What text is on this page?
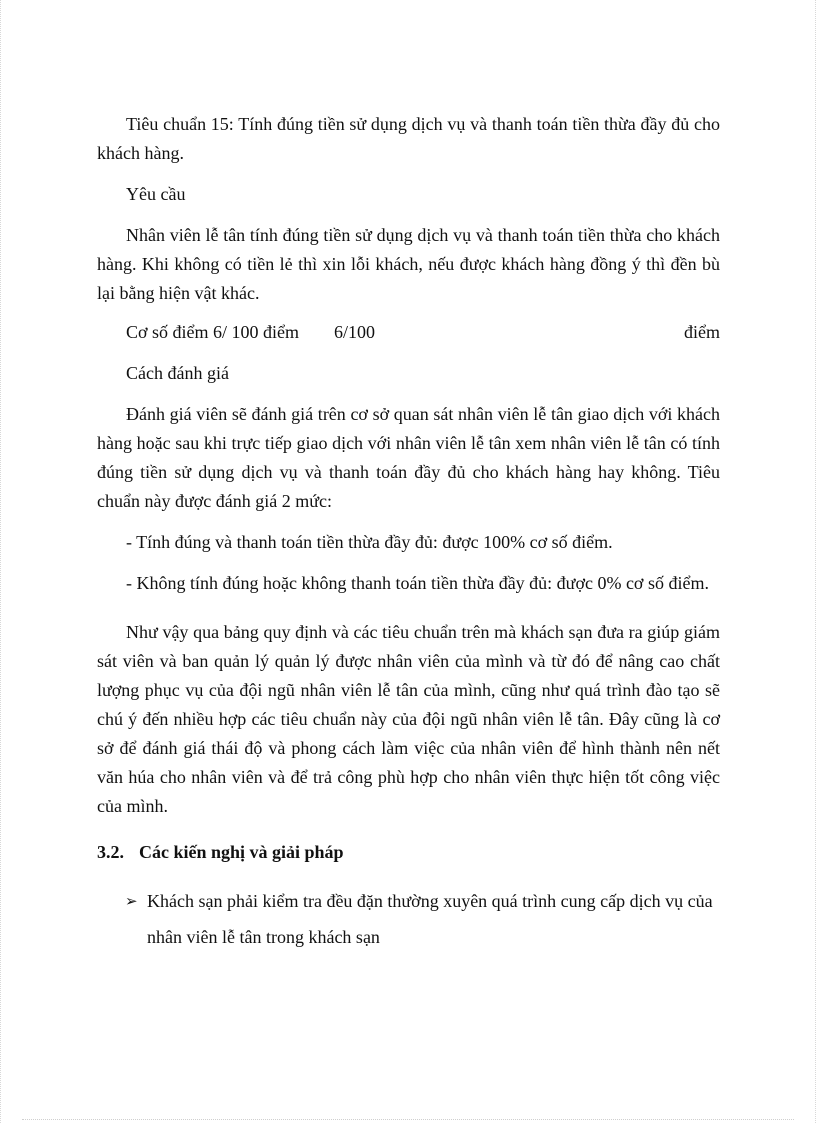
Tiêu chuẩn 15: Tính đúng tiền sử dụng dịch vụ và thanh toán tiền thừa đầy đủ cho khách hàng.

Yêu cầu

Nhân viên lễ tân tính đúng tiền sử dụng dịch vụ và thanh toán tiền thừa cho khách hàng. Khi không có tiền lẻ thì xin lỗi khách, nếu được khách hàng đồng ý thì đền bù lại bằng hiện vật khác.

Cơ số điểm 6/ 100 điểm	6/100	điểm

Cách đánh giá

Đánh giá viên sẽ đánh giá trên cơ sở quan sát nhân viên lễ tân giao dịch với khách hàng hoặc sau khi trực tiếp giao dịch với nhân viên lễ tân xem nhân viên lễ tân có tính đúng tiền sử dụng dịch vụ và thanh toán đầy đủ cho khách hàng hay không. Tiêu chuẩn này được đánh giá 2 mức:

- Tính đúng và thanh toán tiền thừa đầy đủ: được 100% cơ số điểm.

- Không tính đúng hoặc không thanh toán tiền thừa đầy đủ: được 0% cơ số điểm.

Như vậy qua bảng quy định và các tiêu chuẩn trên mà khách sạn đưa ra giúp giám sát viên và ban quản lý quản lý được nhân viên của mình và từ đó để nâng cao chất lượng phục vụ của đội ngũ nhân viên lễ tân của mình, cũng như quá trình đào tạo sẽ chú ý đến nhiều hợp các tiêu chuẩn này của đội ngũ nhân viên lễ tân. Đây cũng là cơ sở để đánh giá thái độ và phong cách làm việc của nhân viên để hình thành nên nết văn húa cho nhân viên và để trả công phù hợp cho nhân viên thực hiện tốt công việc của mình.

3.2. Các kiến nghị và giải pháp
➢ Khách sạn phải kiểm tra đều đặn thường xuyên quá trình cung cấp dịch vụ của nhân viên lễ tân trong khách sạn
